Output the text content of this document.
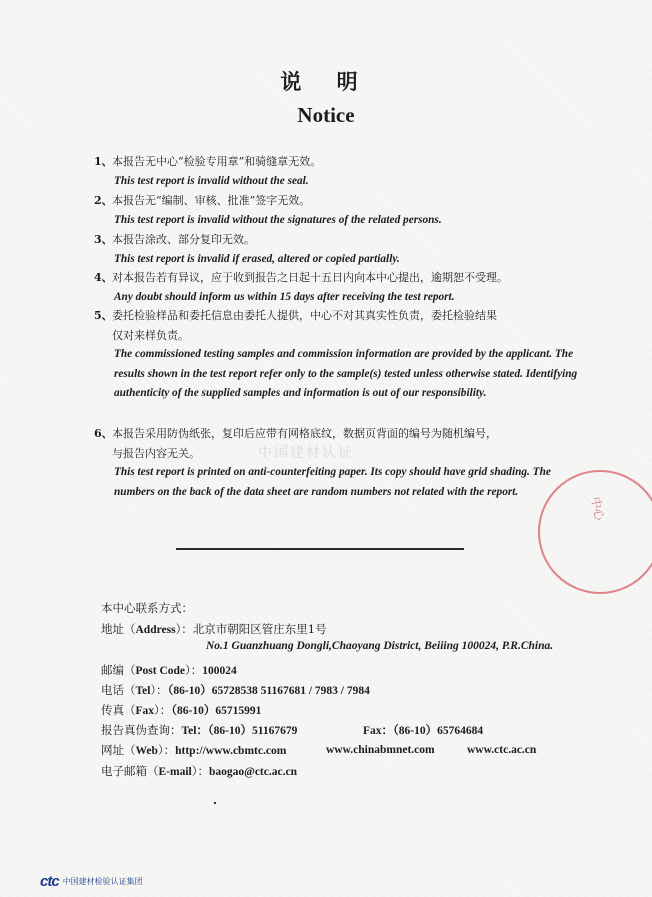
说 明
Notice
中国建材认证
1、本报告无中心“检验专用章”和骑缝章无效。
This test report is invalid without the seal.
2、本报告无“编制、审核、批准”签字无效。
This test report is invalid without the signatures of the related persons.
3、本报告涂改、部分复印无效。
This test report is invalid if erased, altered or copied partially.
4、对本报告若有异议，应于收到报告之日起十五日内向本中心提出，逾期恕不受理。
Any doubt should inform us within 15 days after receiving the test report.
5、委托检验样品和委托信息由委托人提供，中心不对其真实性负责，委托检验结果
仅对来样负责。
The commissioned testing samples and commission information are provided by the applicant. The results shown in the test report refer only to the sample(s) tested unless otherwise stated. Identifying authenticity of the supplied samples and information is out of our responsibility.
6、本报告采用防伪纸张，复印后应带有网格底纹，数据页背面的编号为随机编号，
与报告内容无关。
This test report is printed on anti-counterfeiting paper. Its copy should have grid shading. The numbers on the back of the data sheet are random numbers not related with the report.
中心
本中心联系方式：
地址（Address）：北京市朝阳区管庄东里1号
No.1 Guanzhuang Dongli,Chaoyang District, Beiiing 100024, P.R.China.
邮编（Post Code）：100024
电话（Tel）：（86-10）65728538 51167681 / 7983 / 7984
传真（Fax）：（86-10）65715991
报告真伪查询：Tel：（86-10）51167679	Fax：（86-10）65764684
网址（Web）：http://www.cbmtc.com	www.chinabmnet.com	www.ctc.ac.cn
电子邮箱（E-mail）：baogao@ctc.ac.cn
ctc 中国建材检验认证集团
